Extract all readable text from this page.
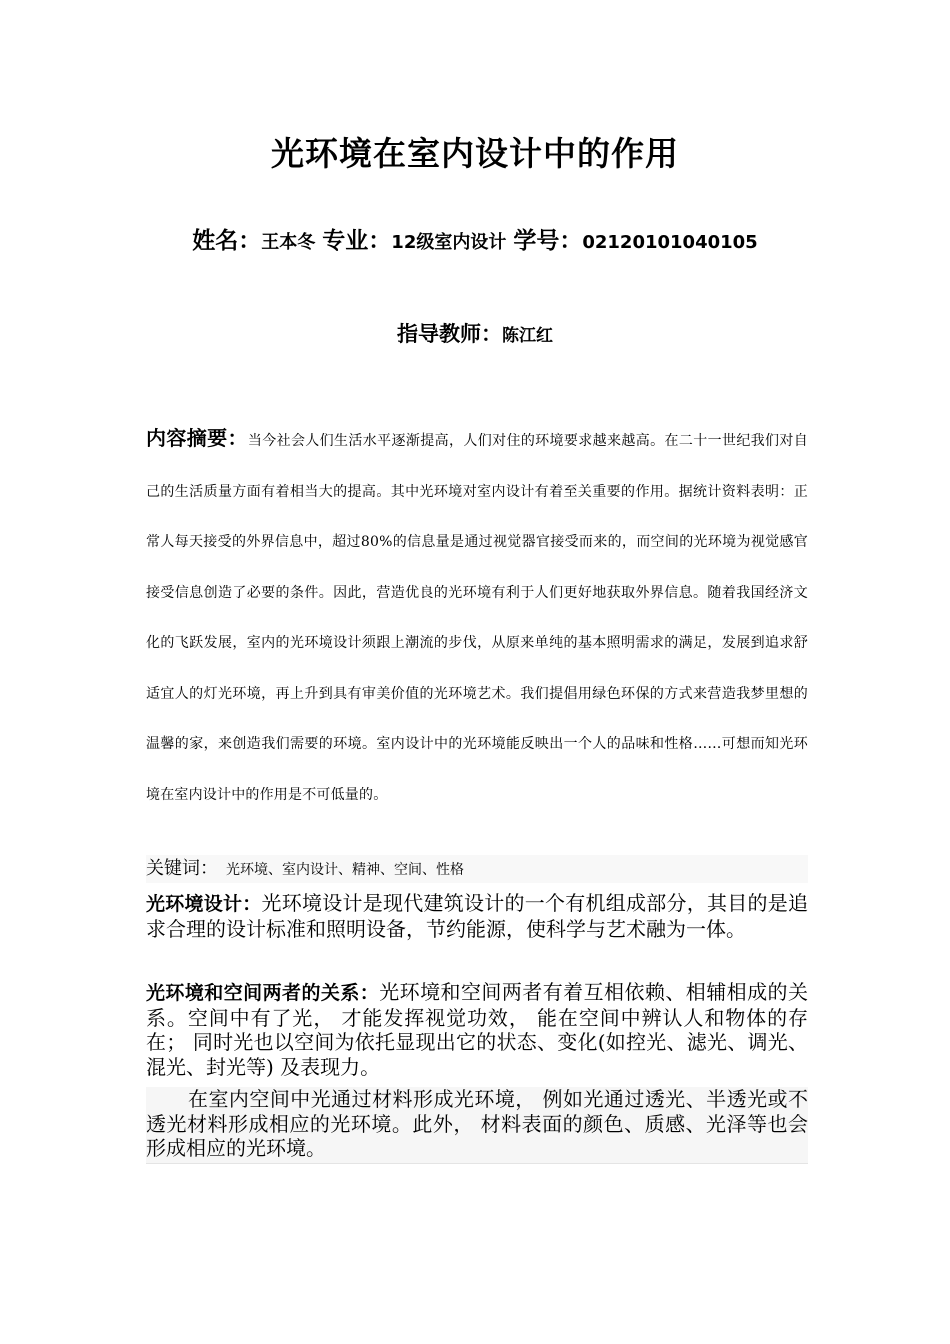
光环境在室内设计中的作用
姓名：王本冬 专业：12级室内设计 学号：02120101040105
指导教师：陈江红
内容摘要：当今社会人们生活水平逐渐提高，人们对住的环境要求越来越高。在二十一世纪我们对自己的生活质量方面有着相当大的提高。其中光环境对室内设计有着至关重要的作用。据统计资料表明：正常人每天接受的外界信息中，超过80%的信息量是通过视觉器官接受而来的，而空间的光环境为视觉感官接受信息创造了必要的条件。因此，营造优良的光环境有利于人们更好地获取外界信息。随着我国经济文化的飞跃发展，室内的光环境设计须跟上潮流的步伐，从原来单纯的基本照明需求的满足，发展到追求舒适宜人的灯光环境，再上升到具有审美价值的光环境艺术。我们提倡用绿色环保的方式来营造我梦里想的温馨的家，来创造我们需要的环境。室内设计中的光环境能反映出一个人的品味和性格……可想而知光环境在室内设计中的作用是不可低量的。
关键词： 光环境、室内设计、精神、空间、性格
光环境设计：光环境设计是现代建筑设计的一个有机组成部分，其目的是追求合理的设计标准和照明设备，节约能源，使科学与艺术融为一体。
光环境和空间两者的关系：光环境和空间两者有着互相依赖、相辅相成的关系。空间中有了光， 才能发挥视觉功效， 能在空间中辨认人和物体的存在； 同时光也以空间为依托显现出它的状态、变化(如控光、滤光、调光、混光、封光等) 及表现力。
在室内空间中光通过材料形成光环境， 例如光通过透光、半透光或不透光材料形成相应的光环境。此外， 材料表面的颜色、质感、光泽等也会形成相应的光环境。
